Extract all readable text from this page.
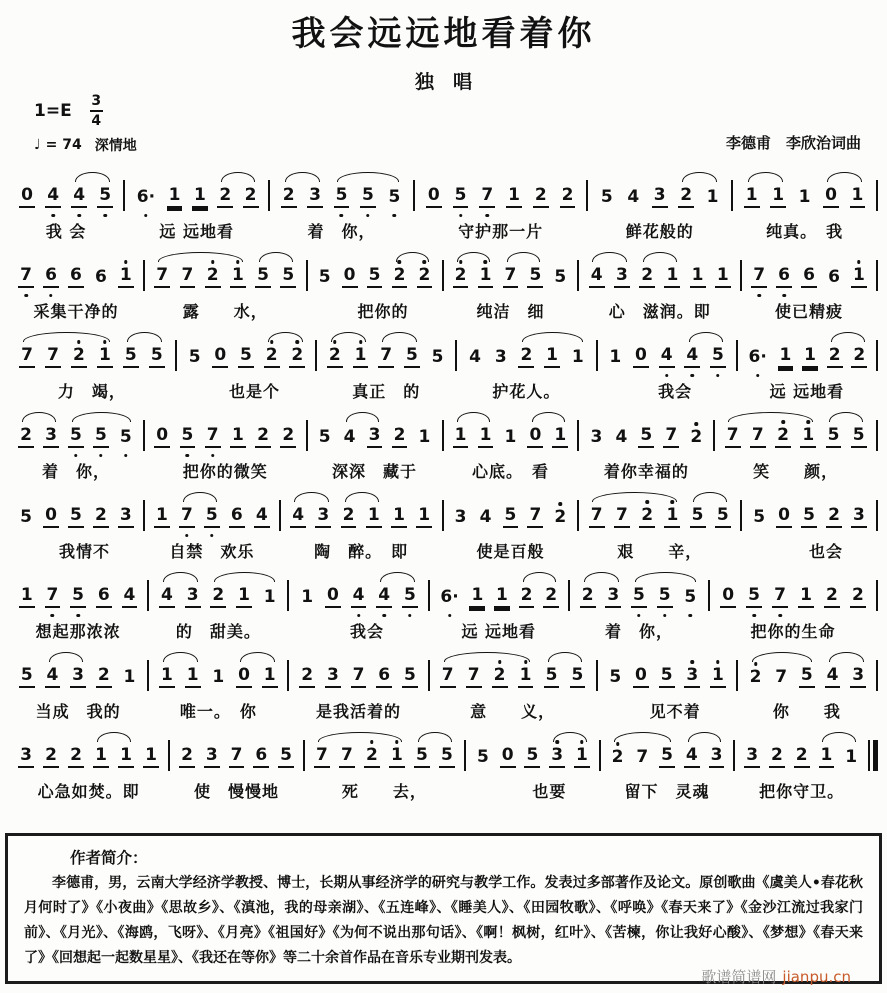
我会远远地看着你
独　唱
1=E 3
4
♩ = 74 深情地	李德甫　李欣治词曲
0 4 4 5
我 会
6· 1 1 2 2
远 远地看
2 3 5 5 5
着　你，
0 5 7 1 2 2
守护那一片
5 4 3 2 1
鲜花般的
1 1 1 0 1
纯真。　我
7 6 6 6 1
采集干净的
7 7 2 1 5 5
露　　水，
5 0 5 2 2
　把你的
2 1 7 5 5
纯洁　细
4 3 2 1 1 1
心　滋润。即
7 6 6 6 1
使已精疲
7 7 2 1 5 5
力　竭，
5 0 5 2 2
　也是个
2 1 7 5 5
真正　的
4 3 2 1 1
护花人。
1 0 4 4 5
　我会
6· 1 1 2 2
远 远地看
2 3 5 5 5
着　你，
0 5 7 1 2 2
把你的微笑
5 4 3 2 1
深深　藏于
1 1 1 0 1
心底。　看
3 4 5 7 2
着你幸福的
7 7 2 1 5 5
笑　　颜，
5 0 5 2 3
　我情不
1 7 5 6 4
自禁　欢乐
4 3 2 1 1 1
陶　醉。　即
3 4 5 7 2
使是百般
7 7 2 1 5 5
艰　　辛，
5 0 5 2 3
　　也会
1 7 5 6 4
想起那浓浓
4 3 2 1 1
的　甜美。
1 0 4 4 5
　我会
6· 1 1 2 2
远 远地看
2 3 5 5 5
着　你，
0 5 7 1 2 2
把你的生命
5 4 3 2 1
当成　我的
1 1 1 0 1
唯一。　你
2 3 7 6 5
是我活着的
7 7 2 1 5 5
意　　义，
5 0 5 3 1
　见不着
2 7 5 4 3
你　　我
3 2 2 1 1 1
心急如焚。即
2 3 7 6 5
使　慢慢地
7 7 2 1 5 5
死　　去，
5 0 5 3 1
　　也要
2 7 5 4 3
留下　灵魂
3 2 2 1 1
把你守卫。
作者简介：

李德甫，男，云南大学经济学教授、博士，长期从事经济学的研究与教学工作。发表过多部著作及论文。原创歌曲《虞美人•春花秋月何时了》《小夜曲》《思故乡》、《滇池，我的母亲湖》、《五连峰》、《睡美人》、《田园牧歌》、《呼唤》《春天来了》《金沙江流过我家门前》、《月光》、《海鸥，飞呀》、《月亮》《祖国好》《为何不说出那句话》、《啊！枫树，红叶》、《苦楝，你让我好心酸》、《梦想》《春天来了》《回想起一起数星星》、《我还在等你》等二十余首作品在音乐专业期刊发表。

歌谱简谱网 jianpu.cn
